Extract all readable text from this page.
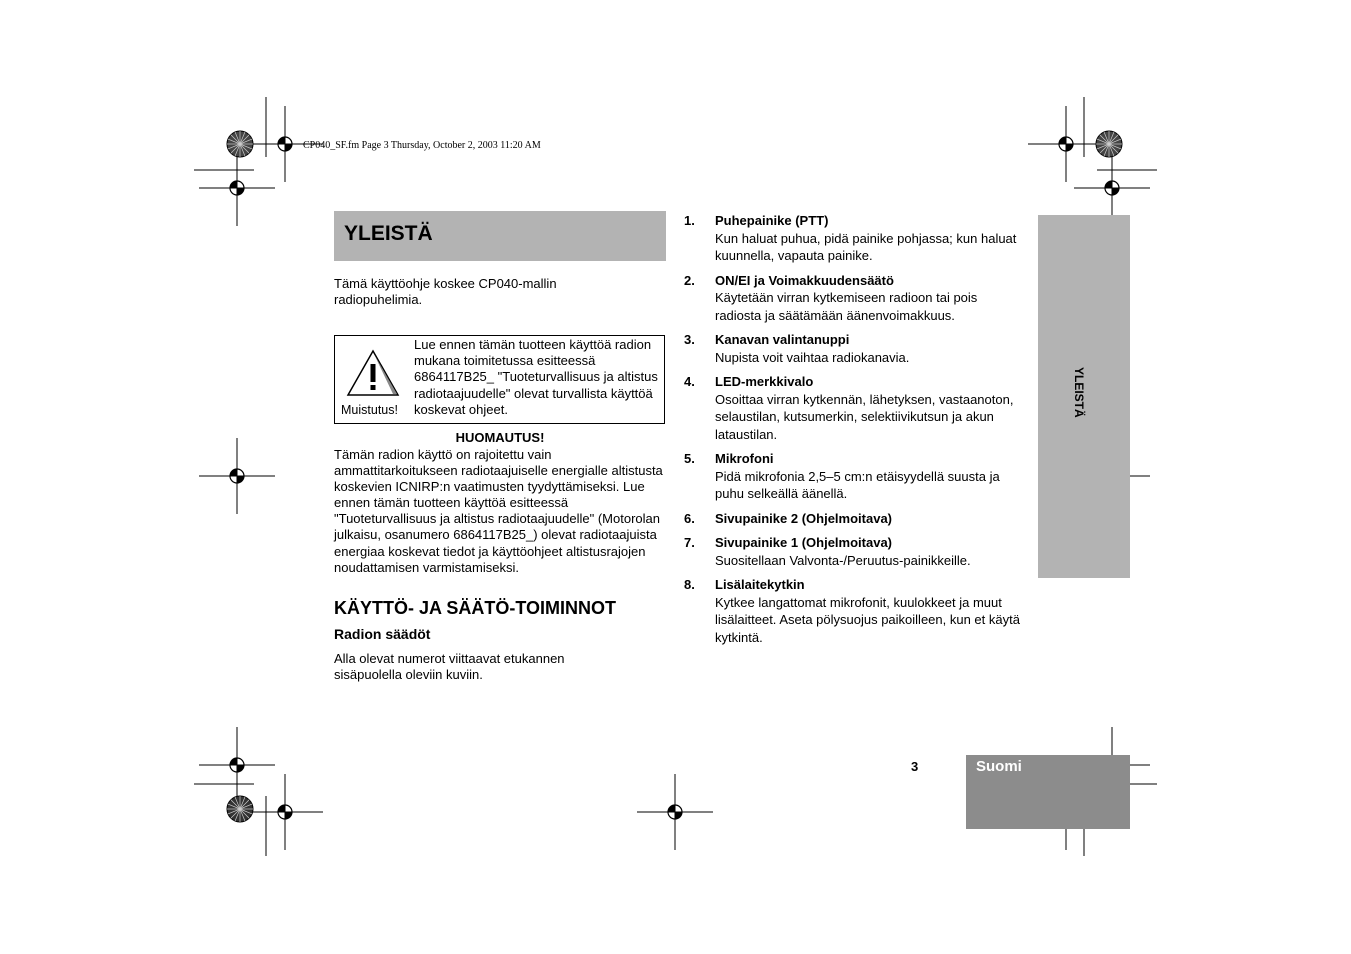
CP040_SF.fm Page 3 Thursday, October 2, 2003 11:20 AM
YLEISTÄ
Tämä käyttöohje koskee CP040-mallin radiopuhelimia.
Muistutus!
Lue ennen tämän tuotteen käyttöä radion mukana toimitetussa esitteessä 6864117B25_ "Tuoteturvallisuus ja altistus radiotaajuudelle" olevat turvallista käyttöä koskevat ohjeet.
HUOMAUTUS!
Tämän radion käyttö on rajoitettu vain ammattitarkoitukseen radiotaajuiselle energialle altistusta koskevien ICNIRP:n vaatimusten tyydyttämiseksi. Lue ennen tämän tuotteen käyttöä esitteessä "Tuoteturvallisuus ja altistus radiotaajuudelle" (Motorolan julkaisu, osanumero 6864117B25_) olevat radiotaajuista energiaa koskevat tiedot ja käyttöohjeet altistusrajojen noudattamisen varmistamiseksi.
KÄYTTÖ- JA SÄÄTÖ-TOIMINNOT
Radion säädöt
Alla olevat numerot viittaavat etukannen sisäpuolella oleviin kuviin.
1. Puhepainike (PTT)
Kun haluat puhua, pidä painike pohjassa; kun haluat kuunnella, vapauta painike.
2. ON/EI ja Voimakkuudensäätö
Käytetään virran kytkemiseen radioon tai pois radiosta ja säätämään äänenvoimakkuus.
3. Kanavan valintanuppi
Nupista voit vaihtaa radiokanavia.
4. LED-merkkivalo
Osoittaa virran kytkennän, lähetyksen, vastaanoton, selaustilan, kutsumerkin, selektiivikutsun ja akun lataustilan.
5. Mikrofoni
Pidä mikrofonia 2,5–5 cm:n etäisyydellä suusta ja puhu selkeällä äänellä.
6. Sivupainike 2 (Ohjelmoitava)
7. Sivupainike 1 (Ohjelmoitava)
Suositellaan Valvonta-/Peruutus-painikkeille.
8. Lisälaitekytkin
Kytkee langattomat mikrofonit, kuulokkeet ja muut lisälaitteet. Aseta pölysuojus paikoilleen, kun et käytä kytkintä.
YLEISTÄ
3	Suomi
